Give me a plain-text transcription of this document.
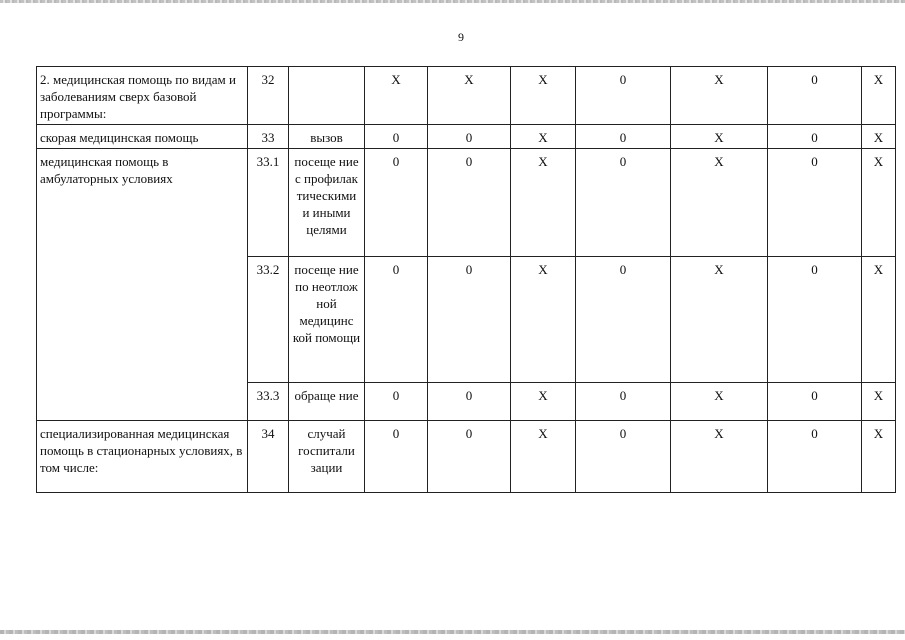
9
2. медицинская помощь по видам и заболеваниям сверх базовой программы:	32		Х	Х	Х	0	Х	0	Х
скорая медицинская помощь	33	вызов	0	0	Х	0	Х	0	Х
медицинская помощь в амбулаторных условиях	33.1	посеще ние с профилак тическими и иными целями	0	0	Х	0	Х	0	Х
	33.2	посеще ние по неотлож ной медицинс кой помощи	0	0	Х	0	Х	0	Х
	33.3	обраще ние	0	0	Х	0	Х	0	Х
специализированная медицинская помощь в стационарных условиях, в том числе:	34	случай госпитали зации	0	0	Х	0	Х	0	Х
